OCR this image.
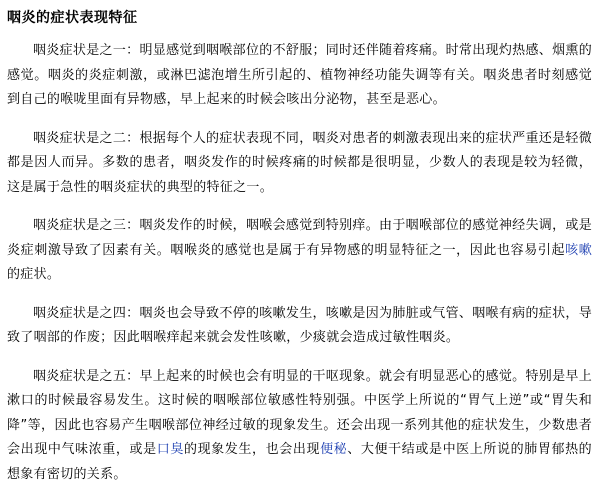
咽炎的症状表现特征

咽炎症状是之一：明显感觉到咽喉部位的不舒服；同时还伴随着疼痛。时常出现灼热感、烟熏的感觉。咽炎的炎症刺激，或淋巴滤泡增生所引起的、植物神经功能失调等有关。咽炎患者时刻感觉到自己的喉咙里面有异物感，早上起来的时候会咳出分泌物，甚至是恶心。

咽炎症状是之二：根据每个人的症状表现不同，咽炎对患者的刺激表现出来的症状严重还是轻微都是因人而异。多数的患者，咽炎发作的时候疼痛的时候都是很明显，少数人的表现是较为轻微，这是属于急性的咽炎症状的典型的特征之一。

咽炎症状是之三：咽炎发作的时候，咽喉会感觉到特别痒。由于咽喉部位的感觉神经失调，或是炎症刺激导致了因素有关。咽喉炎的感觉也是属于有异物感的明显特征之一，因此也容易引起咳嗽的症状。

咽炎症状是之四：咽炎也会导致不停的咳嗽发生，咳嗽是因为肺脏或气管、咽喉有病的症状，导致了咽部的作废；因此咽喉痒起来就会发性咳嗽，少痰就会造成过敏性咽炎。

咽炎症状是之五：早上起来的时候也会有明显的干呕现象。就会有明显恶心的感觉。特别是早上漱口的时候最容易发生。这时候的咽喉部位敏感性特别强。中医学上所说的“胃气上逆”或“胃失和降”等，因此也容易产生咽喉部位神经过敏的现象发生。还会出现一系列其他的症状发生，少数患者会出现中气味浓重，或是口臭的现象发生，也会出现便秘、大便干结或是中医上所说的肺胃郁热的想象有密切的关系。
